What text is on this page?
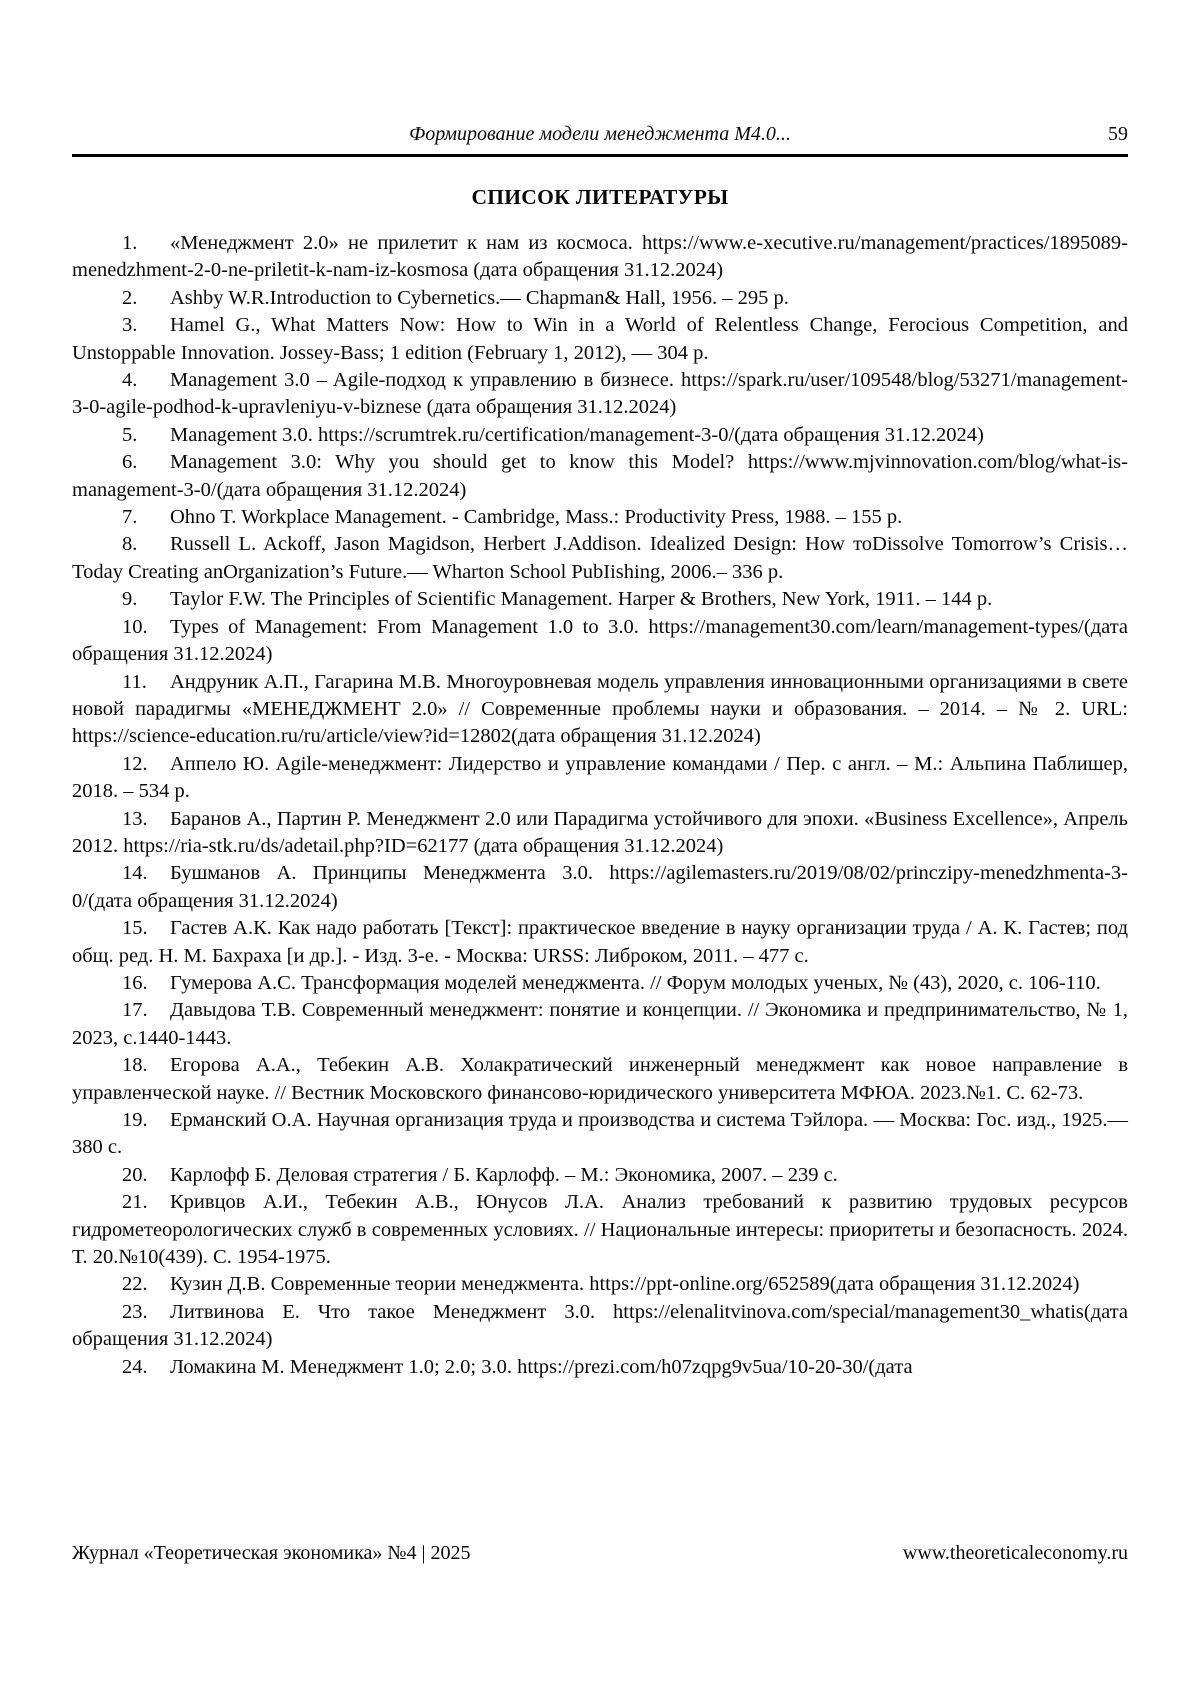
Формирование модели менеджмента М4.0...	59
СПИСОК ЛИТЕРАТУРЫ

1. «Менеджмент 2.0» не прилетит к нам из космоса. https://www.e-xecutive.ru/management/practices/1895089-menedzhment-2-0-ne-priletit-k-nam-iz-kosmosa (дата обращения 31.12.2024)

2. Ashby W.R.Introduction to Cybernetics.— Chapman& Hall, 1956. – 295 p.

3. Hamel G., What Matters Now: How to Win in a World of Relentless Change, Ferocious Competition, and Unstoppable Innovation. Jossey-Bass; 1 edition (February 1, 2012), — 304 p.

4. Management 3.0 – Agile-подход к управлению в бизнесе. https://spark.ru/user/109548/blog/53271/management-3-0-agile-podhod-k-upravleniyu-v-biznese (дата обращения 31.12.2024)

5. Management 3.0. https://scrumtrek.ru/certification/management-3-0/(дата обращения 31.12.2024)

6. Management 3.0: Why you should get to know this Model? https://www.mjvinnovation.com/blog/what-is-management-3-0/(дата обращения 31.12.2024)

7. Ohno T. Workplace Management. - Cambridge, Mass.: Productivity Press, 1988. – 155 p.

8. Russell L. Ackoff, Jason Magidson, Herbert J.Addison. Idealized Design: How тоDissolve Tomorrow’s Crisis… Today Creating anOrganization’s Future.— Wharton School PubIishing, 2006.– 336 p.

9. Taylor F.W. The Principles of Scientific Management. Harper & Brothers, New York, 1911. – 144 p.

10. Types of Management: From Management 1.0 to 3.0. https://management30.com/learn/management-types/(дата обращения 31.12.2024)

11. Андруник А.П., Гагарина М.В. Многоуровневая модель управления инновационными организациями в свете новой парадигмы «МЕНЕДЖМЕНТ 2.0» // Современные проблемы науки и образования. – 2014. – № 2. URL: https://science-education.ru/ru/article/view?id=12802(дата обращения 31.12.2024)

12. Аппело Ю. Agile-менеджмент: Лидерство и управление командами / Пер. с англ. – М.: Альпина Паблишер, 2018. – 534 p.

13. Баранов А., Партин Р. Менеджмент 2.0 или Парадигма устойчивого для эпохи. «Business Excellence», Апрель 2012. https://ria-stk.ru/ds/adetail.php?ID=62177 (дата обращения 31.12.2024)

14. Бушманов А. Принципы Менеджмента 3.0. https://agilemasters.ru/2019/08/02/princzipy-menedzhmenta-3-0/(дата обращения 31.12.2024)

15. Гастев А.К. Как надо работать [Текст]: практическое введение в науку организации труда / А. К. Гастев; под общ. ред. Н. М. Бахраха [и др.]. - Изд. 3-е. - Москва: URSS: Либроком, 2011. – 477 с.

16. Гумерова А.С. Трансформация моделей менеджмента. // Форум молодых ученых, № (43), 2020, с. 106-110.

17. Давыдова Т.В. Современный менеджмент: понятие и концепции. // Экономика и предпринимательство, № 1, 2023, с.1440-1443.

18. Егорова А.А., Тебекин А.В. Холакратический инженерный менеджмент как новое направление в управленческой науке. // Вестник Московского финансово-юридического университета МФЮА. 2023.№1. С. 62-73.

19. Ерманский О.А. Научная организация труда и производства и система Тэйлора. — Москва: Гос. изд., 1925.— 380 с.

20. Карлофф Б. Деловая стратегия / Б. Карлофф. – М.: Экономика, 2007. – 239 с.

21. Кривцов А.И., Тебекин А.В., Юнусов Л.А. Анализ требований к развитию трудовых ресурсов гидрометеорологических служб в современных условиях. // Национальные интересы: приоритеты и безопасность. 2024. Т. 20.№10(439). С. 1954-1975.

22. Кузин Д.В. Современные теории менеджмента. https://ppt-online.org/652589(дата обращения 31.12.2024)

23. Литвинова Е. Что такое Менеджмент 3.0. https://elenalitvinova.com/special/management30_whatis(дата обращения 31.12.2024)

24. Ломакина М. Менеджмент 1.0; 2.0; 3.0. https://prezi.com/h07zqpg9v5ua/10-20-30/(дата

Журнал «Теоретическая экономика» №4 | 2025	www.theoreticaleconomy.ru
